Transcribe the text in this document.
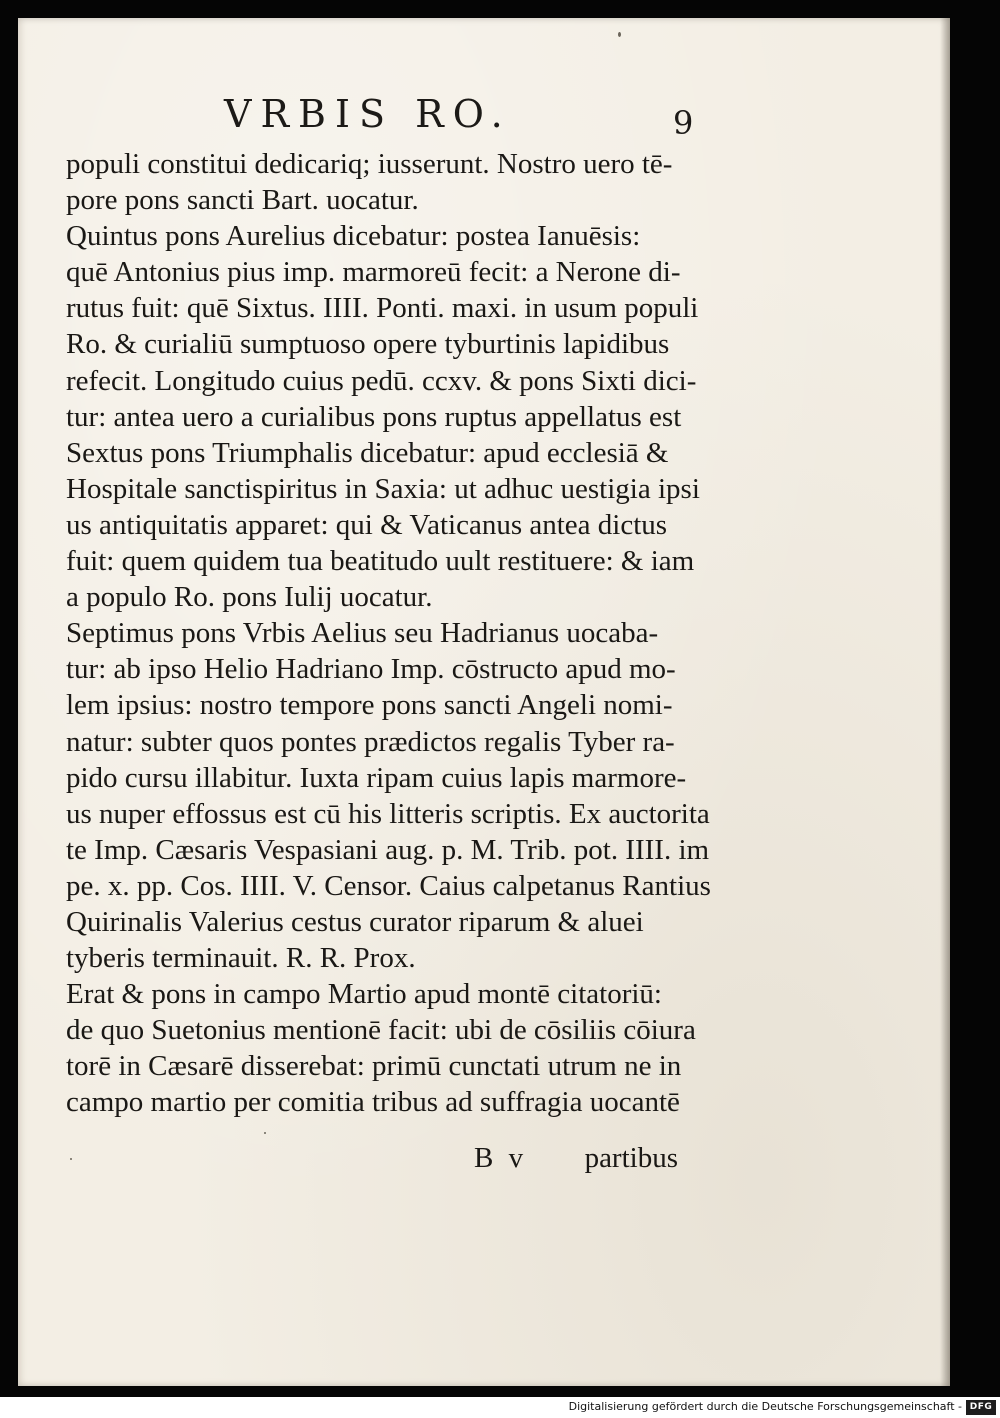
VRBIS RO.	9
populi constitui dedicariq; iusserunt. Nostro uero tē-
pore pons sancti Bart. uocatur.
Quintus pons Aurelius dicebatur: postea Ianuēsis:
quē Antonius pius imp. marmoreū fecit: a Nerone di-
rutus fuit: quē Sixtus. IIII. Ponti. maxi. in usum populi
Ro. & curialiū sumptuoso opere tyburtinis lapidibus
refecit. Longitudo cuius pedū. ccxv. & pons Sixti dici-
tur: antea uero a curialibus pons ruptus appellatus est
Sextus pons Triumphalis dicebatur: apud ecclesiā &
Hospitale sanctispiritus in Saxia: ut adhuc uestigia ipsi
us antiquitatis apparet: qui & Vaticanus antea dictus
fuit: quem quidem tua beatitudo uult restituere: & iam
a populo Ro. pons Iulij uocatur.
Septimus pons Vrbis Aelius seu Hadrianus uocaba-
tur: ab ipso Helio Hadriano Imp. cōstructo apud mo-
lem ipsius: nostro tempore pons sancti Angeli nomi-
natur: subter quos pontes prædictos regalis Tyber ra-
pido cursu illabitur. Iuxta ripam cuius lapis marmore-
us nuper effossus est cū his litteris scriptis. Ex auctorita
te Imp. Cæsaris Vespasiani aug. p. M. Trib. pot. IIII. im
pe. x. pp. Cos. IIII. V. Censor. Caius calpetanus Rantius
Quirinalis Valerius cestus curator riparum & aluei
tyberis terminauit. R. R. Prox.
Erat & pons in campo Martio apud montē citatoriū:
de quo Suetonius mentionē facit: ubi de cōsiliis cōiura
torē in Cæsarē disserebat: primū cunctati utrum ne in
campo martio per comitia tribus ad suffragia uocantē
B v partibus
Digitalisierung gefördert durch die Deutsche Forschungsgemeinschaft - DFG
